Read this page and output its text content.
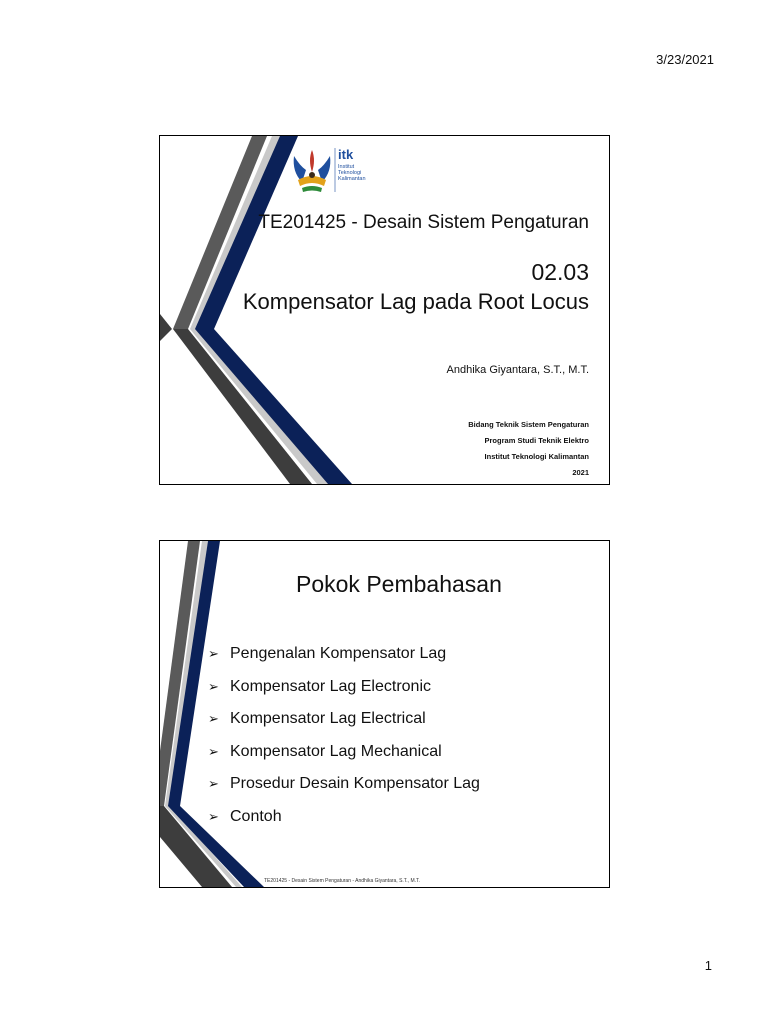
3/23/2021
itk
Institut
Teknologi
Kalimantan
TE201425 - Desain Sistem Pengaturan
02.03
Kompensator Lag pada Root Locus
Andhika Giyantara, S.T., M.T.
Bidang Teknik Sistem Pengaturan
Program Studi Teknik Elektro
Institut Teknologi Kalimantan
2021
Pokok Pembahasan
➢ Pengenalan Kompensator Lag
➢ Kompensator Lag Electronic
➢ Kompensator Lag Electrical
➢ Kompensator Lag Mechanical
➢ Prosedur Desain Kompensator Lag
➢ Contoh
TE201425 - Desain Sistem Pengaturan - Andhika Giyantara, S.T., M.T.
1
